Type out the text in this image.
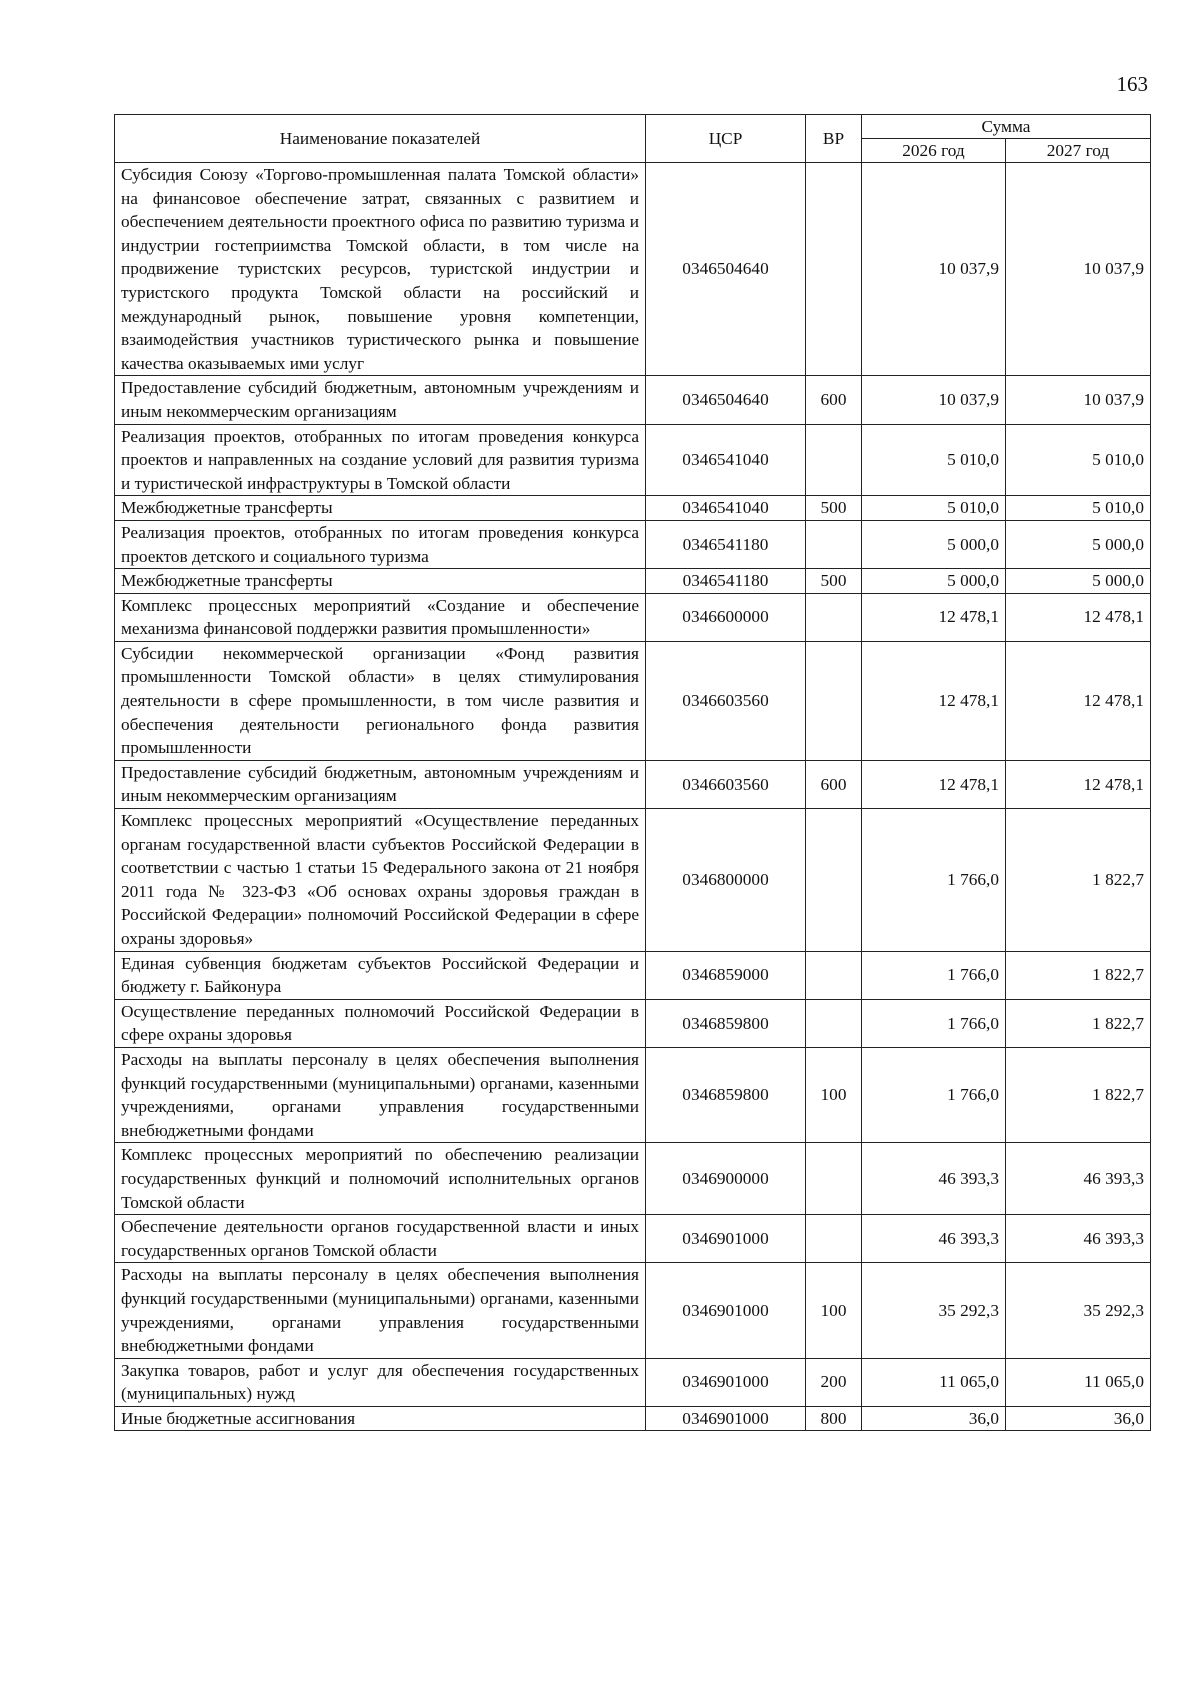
163
Наименование показателей	ЦСР	ВР	Сумма	
			2026 год	2027 год
Субсидия Союзу «Торгово-промышленная палата Томской области» на финансовое обеспечение затрат, связанных с развитием и обеспечением деятельности проектного офиса по развитию туризма и индустрии гостеприимства Томской области, в том числе на продвижение туристских ресурсов, туристской индустрии и туристского продукта Томской области на российский и международный рынок, повышение уровня компетенции, взаимодействия участников туристического рынка и повышение качества оказываемых ими услуг	0346504640		10 037,9	10 037,9
Предоставление субсидий бюджетным, автономным учреждениям и иным некоммерческим организациям	0346504640	600	10 037,9	10 037,9
Реализация проектов, отобранных по итогам проведения конкурса проектов и направленных на создание условий для развития туризма и туристической инфраструктуры в Томской области	0346541040		5 010,0	5 010,0
Межбюджетные трансферты	0346541040	500	5 010,0	5 010,0
Реализация проектов, отобранных по итогам проведения конкурса проектов детского и социального туризма	0346541180		5 000,0	5 000,0
Межбюджетные трансферты	0346541180	500	5 000,0	5 000,0
Комплекс процессных мероприятий «Создание и обеспечение механизма финансовой поддержки развития промышленности»	0346600000		12 478,1	12 478,1
Субсидии некоммерческой организации «Фонд развития промышленности Томской области» в целях стимулирования деятельности в сфере промышленности, в том числе развития и обеспечения деятельности регионального фонда развития промышленности	0346603560		12 478,1	12 478,1
Предоставление субсидий бюджетным, автономным учреждениям и иным некоммерческим организациям	0346603560	600	12 478,1	12 478,1
Комплекс процессных мероприятий «Осуществление переданных органам государственной власти субъектов Российской Федерации в соответствии с частью 1 статьи 15 Федерального закона от 21 ноября 2011 года № 323-ФЗ «Об основах охраны здоровья граждан в Российской Федерации» полномочий Российской Федерации в сфере охраны здоровья»	0346800000		1 766,0	1 822,7
Единая субвенция бюджетам субъектов Российской Федерации и бюджету г. Байконура	0346859000		1 766,0	1 822,7
Осуществление переданных полномочий Российской Федерации в сфере охраны здоровья	0346859800		1 766,0	1 822,7
Расходы на выплаты персоналу в целях обеспечения выполнения функций государственными (муниципальными) органами, казенными учреждениями, органами управления государственными внебюджетными фондами	0346859800	100	1 766,0	1 822,7
Комплекс процессных мероприятий по обеспечению реализации государственных функций и полномочий исполнительных органов Томской области	0346900000		46 393,3	46 393,3
Обеспечение деятельности органов государственной власти и иных государственных органов Томской области	0346901000		46 393,3	46 393,3
Расходы на выплаты персоналу в целях обеспечения выполнения функций государственными (муниципальными) органами, казенными учреждениями, органами управления государственными внебюджетными фондами	0346901000	100	35 292,3	35 292,3
Закупка товаров, работ и услуг для обеспечения государственных (муниципальных) нужд	0346901000	200	11 065,0	11 065,0
Иные бюджетные ассигнования	0346901000	800	36,0	36,0
